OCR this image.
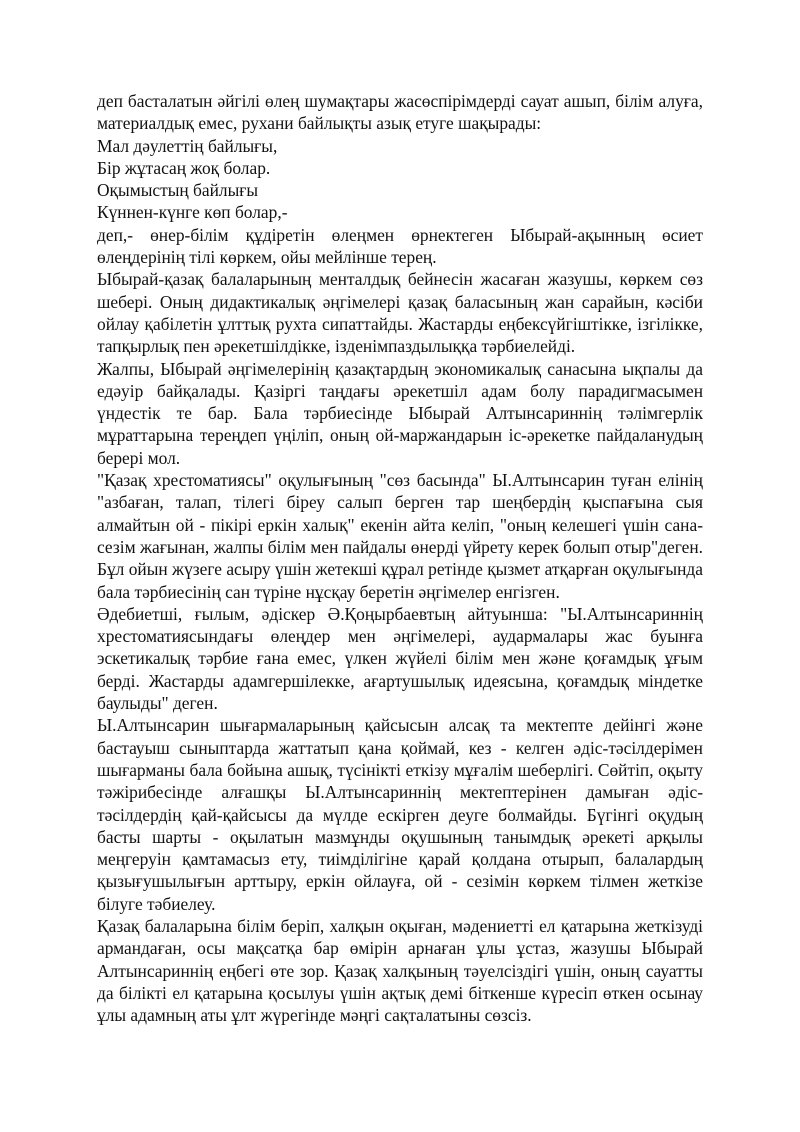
деп басталатын әйгілі өлең шумақтары жасөспірімдерді сауат ашып, білім алуға, материалдық емес, рухани байлықты азық етуге шақырады:

Мал дәулеттің байлығы,

Бір жұтасаң жоқ болар.

Оқымыстың байлығы

Күннен-күнге көп болар,-

деп,- өнер-білім құдіретін өлеңмен өрнектеген Ыбырай-ақынның өсиет өлеңдерінің тілі көркем, ойы мейлінше терең.

Ыбырай-қазақ балаларының менталдық бейнесін жасаған жазушы, көркем сөз шебері. Оның дидактикалық әңгімелері қазақ баласының жан сарайын, кәсіби ойлау қабілетін ұлттық рухта сипаттайды. Жастарды еңбексүйгіштікке, ізгілікке, тапқырлық пен әрекетшілдікке, ізденімпаздылыққа тәрбиелейді.

Жалпы, Ыбырай әңгімелерінің қазақтардың экономикалық санасына ықпалы да едәуір байқалады. Қазіргі таңдағы әрекетшіл адам болу парадигмасымен үндестік те бар. Бала тәрбиесінде Ыбырай Алтынсариннің тәлімгерлік мұраттарына тереңдеп үңіліп, оның ой-маржандарын іс-әрекетке пайдаланудың берері мол.

"Қазақ хрестоматиясы" оқулығының "сөз басында" Ы.Алтынсарин туған елінің "азбаған, талап, тілегі біреу салып берген тар шеңбердің қыспағына сыя алмайтын ой - пікірі еркін халық" екенін айта келіп, "оның келешегі үшін сана-сезім жағынан, жалпы білім мен пайдалы өнерді үйрету керек болып отыр"деген. Бұл ойын жүзеге асыру үшін жетекші құрал ретінде қызмет атқарған оқулығында бала тәрбиесінің сан түріне нұсқау беретін әңгімелер енгізген.

Әдебиетші, ғылым, әдіскер Ә.Қоңырбаевтың айтуынша: "Ы.Алтынсариннің хрестоматиясындағы өлеңдер мен әңгімелері, аудармалары жас буынға эскетикалық тәрбие ғана емес, үлкен жүйелі білім мен және қоғамдық ұғым берді. Жастарды адамгершілекке, ағартушылық идеясына, қоғамдық міндетке баулыды" деген.

Ы.Алтынсарин шығармаларының қайсысын алсақ та мектепте дейінгі және бастауыш сыныптарда жаттатып қана қоймай, кез - келген әдіс-тәсілдерімен шығарманы бала бойына ашық, түсінікті еткізу мұғалім шеберлігі. Сөйтіп, оқыту тәжірибесінде алғашқы Ы.Алтынсариннің мектептерінен дамыған әдіс-тәсілдердің қай-қайсысы да мүлде ескірген деуге болмайды. Бүгінгі оқудың басты шарты - оқылатын мазмұнды оқушының танымдық әрекеті арқылы меңгеруін қамтамасыз ету, тиімділігіне қарай қолдана отырып, балалардың қызығушылығын арттыру, еркін ойлауға, ой - сезімін көркем тілмен жеткізе білуге тәбиелеу.

Қазақ балаларына білім беріп, халқын оқыған, мәдениетті ел қатарына жеткізуді армандаған, осы мақсатқа бар өмірін арнаған ұлы ұстаз, жазушы Ыбырай Алтынсариннің еңбегі өте зор. Қазақ халқының тәуелсіздігі үшін, оның сауатты да білікті ел қатарына қосылуы үшін ақтық демі біткенше күресіп өткен осынау ұлы адамның аты ұлт жүрегінде мәңгі сақталатыны сөзсіз.
